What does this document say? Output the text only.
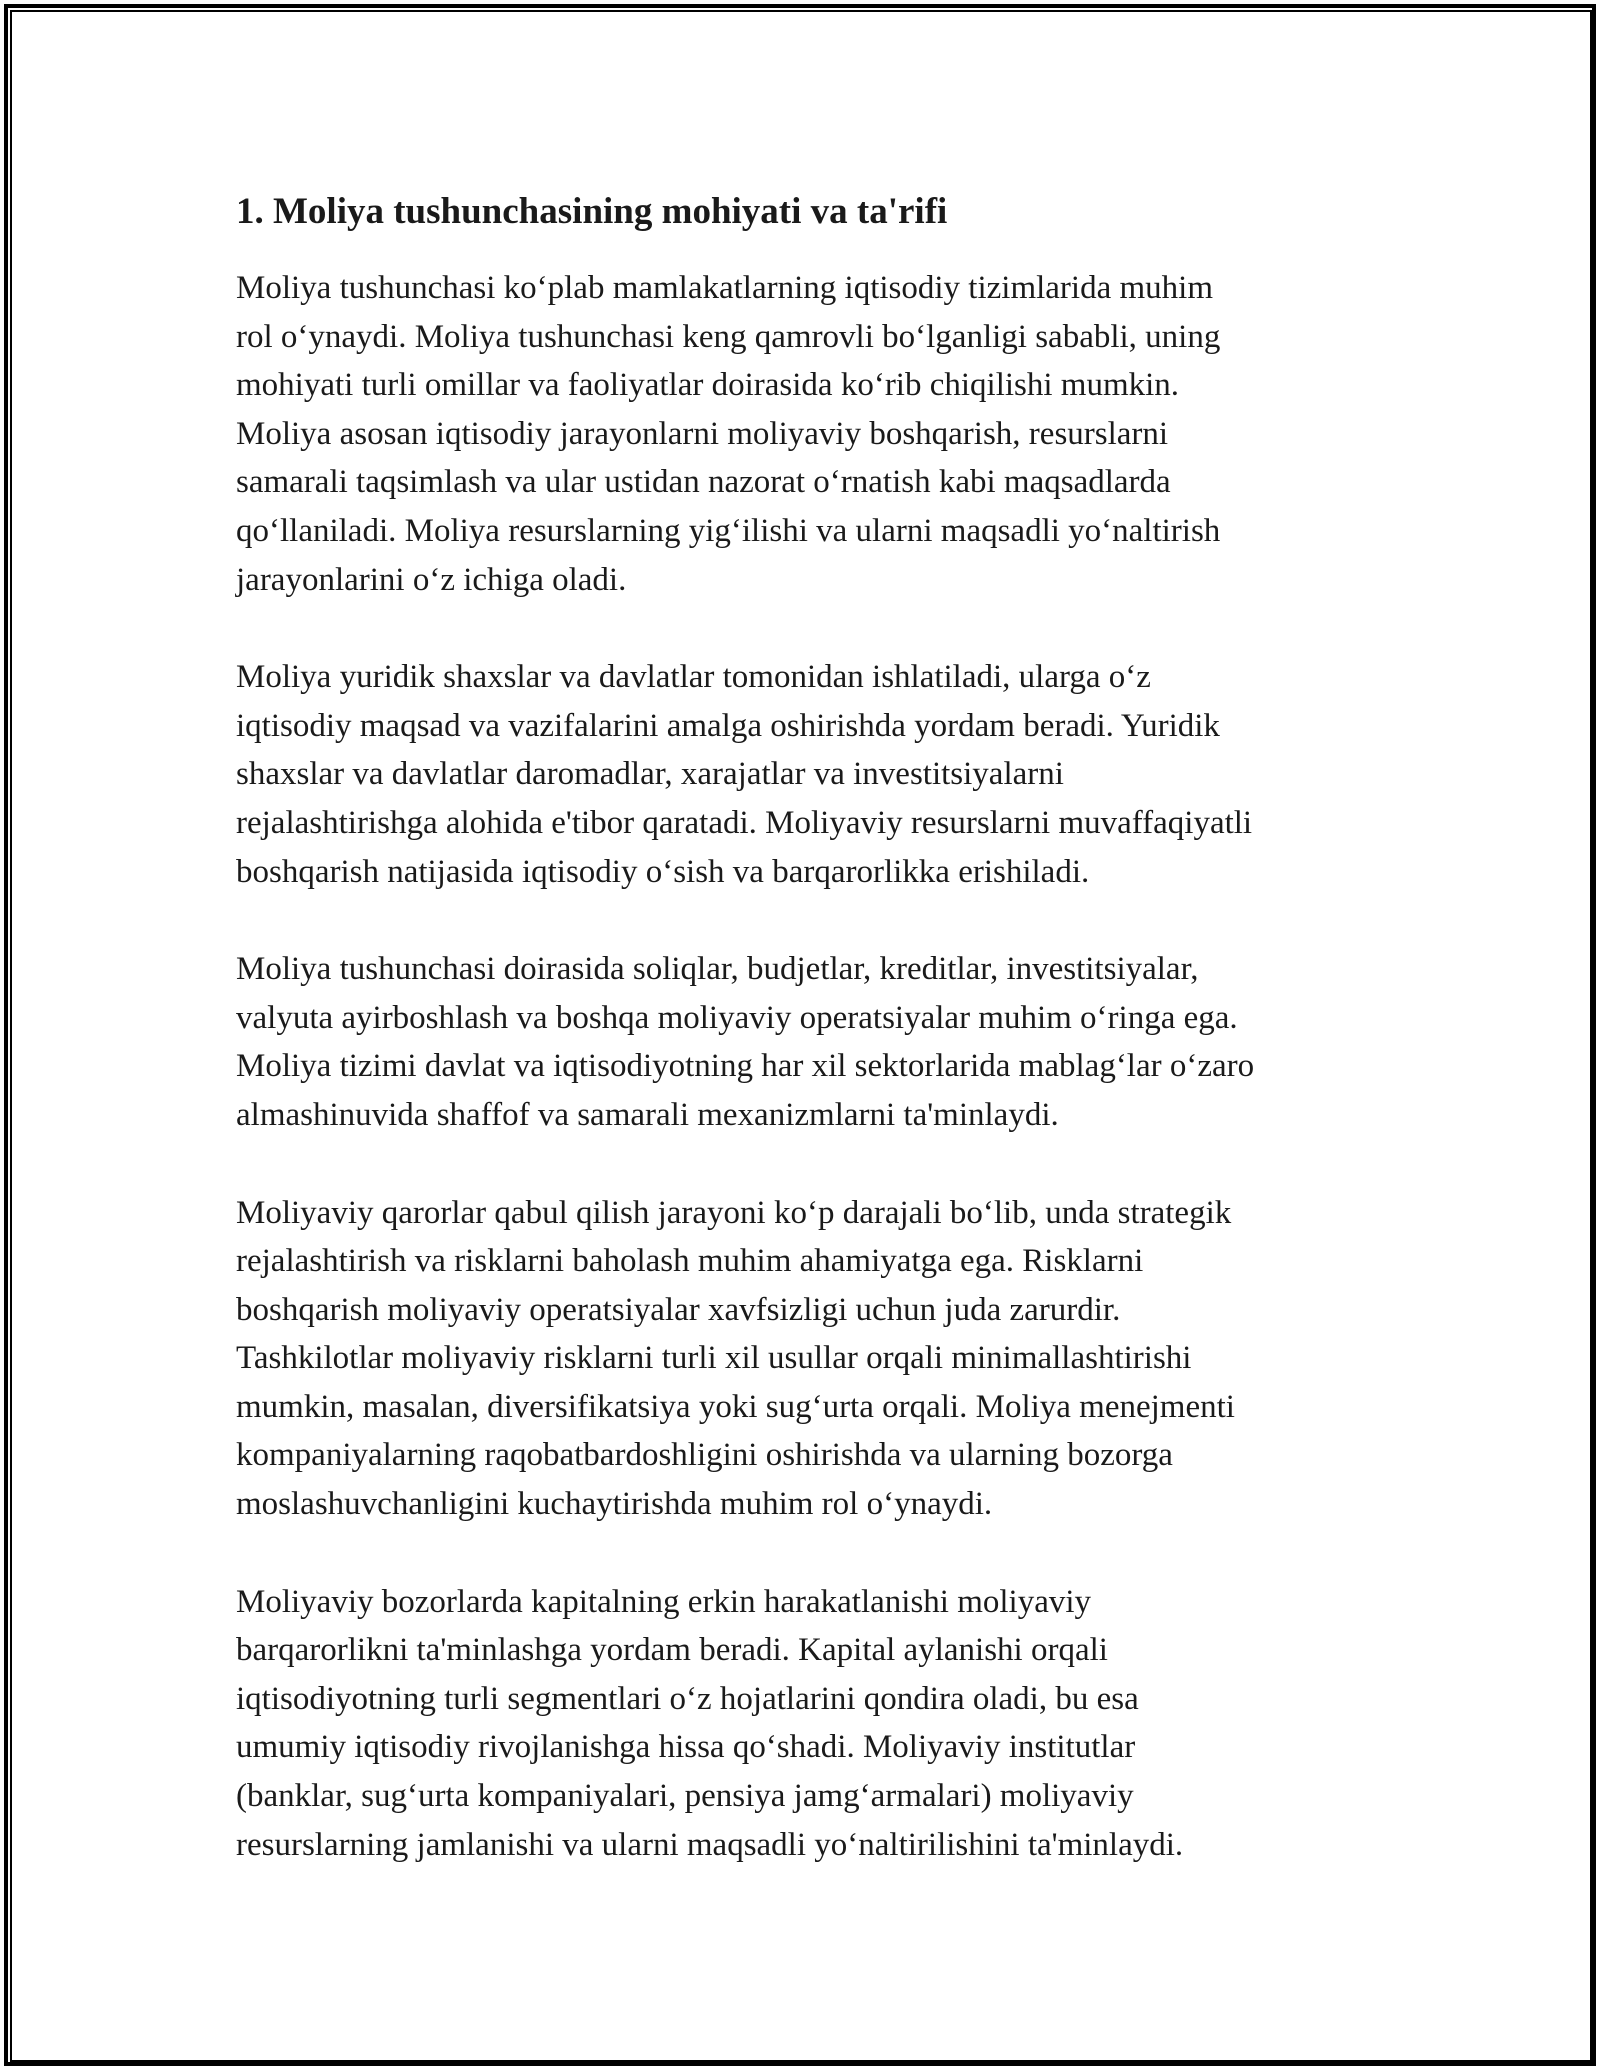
1. Moliya tushunchasining mohiyati va ta'rifi

Moliya tushunchasi koʻplab mamlakatlarning iqtisodiy tizimlarida muhim
rol oʻynaydi. Moliya tushunchasi keng qamrovli boʻlganligi sababli, uning
mohiyati turli omillar va faoliyatlar doirasida koʻrib chiqilishi mumkin.
Moliya asosan iqtisodiy jarayonlarni moliyaviy boshqarish, resurslarni
samarali taqsimlash va ular ustidan nazorat oʻrnatish kabi maqsadlarda
qoʻllaniladi. Moliya resurslarning yigʻilishi va ularni maqsadli yoʻnaltirish
jarayonlarini oʻz ichiga oladi.

Moliya yuridik shaxslar va davlatlar tomonidan ishlatiladi, ularga oʻz
iqtisodiy maqsad va vazifalarini amalga oshirishda yordam beradi. Yuridik
shaxslar va davlatlar daromadlar, xarajatlar va investitsiyalarni
rejalashtirishga alohida e'tibor qaratadi. Moliyaviy resurslarni muvaffaqiyatli
boshqarish natijasida iqtisodiy oʻsish va barqarorlikka erishiladi.

Moliya tushunchasi doirasida soliqlar, budjetlar, kreditlar, investitsiyalar,
valyuta ayirboshlash va boshqa moliyaviy operatsiyalar muhim oʻringa ega.
Moliya tizimi davlat va iqtisodiyotning har xil sektorlarida mablagʻlar oʻzaro
almashinuvida shaffof va samarali mexanizmlarni ta'minlaydi.

Moliyaviy qarorlar qabul qilish jarayoni koʻp darajali boʻlib, unda strategik
rejalashtirish va risklarni baholash muhim ahamiyatga ega. Risklarni
boshqarish moliyaviy operatsiyalar xavfsizligi uchun juda zarurdir.
Tashkilotlar moliyaviy risklarni turli xil usullar orqali minimallashtirishi
mumkin, masalan, diversifikatsiya yoki sugʻurta orqali. Moliya menejmenti
kompaniyalarning raqobatbardoshligini oshirishda va ularning bozorga
moslashuvchanligini kuchaytirishda muhim rol oʻynaydi.

Moliyaviy bozorlarda kapitalning erkin harakatlanishi moliyaviy
barqarorlikni ta'minlashga yordam beradi. Kapital aylanishi orqali
iqtisodiyotning turli segmentlari oʻz hojatlarini qondira oladi, bu esa
umumiy iqtisodiy rivojlanishga hissa qoʻshadi. Moliyaviy institutlar
(banklar, sugʻurta kompaniyalari, pensiya jamgʻarmalari) moliyaviy
resurslarning jamlanishi va ularni maqsadli yoʻnaltirilishini ta'minlaydi.
